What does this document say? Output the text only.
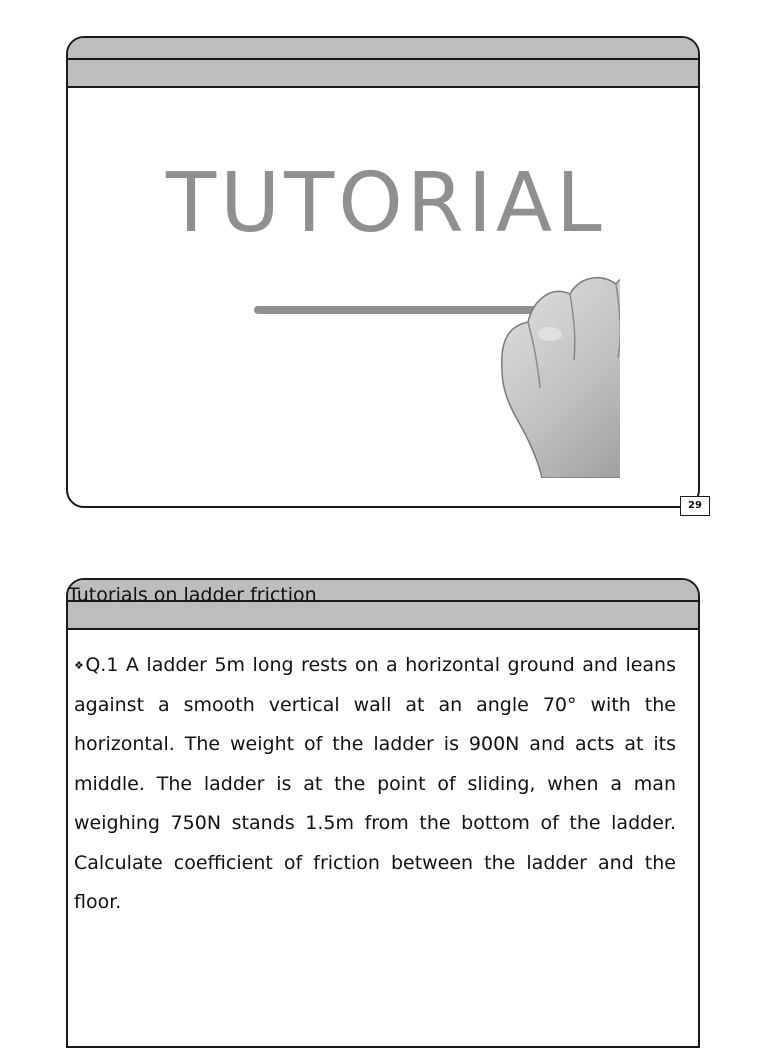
TUTORIAL
29
Tutorials on ladder friction
❖Q.1 A ladder 5m long rests on a horizontal ground and leans against a smooth vertical wall at an angle 70° with the horizontal. The weight of the ladder is 900N and acts at its middle. The ladder is at the point of sliding, when a man weighing 750N stands 1.5m from the bottom of the ladder. Calculate coefficient of friction between the ladder and the floor.
